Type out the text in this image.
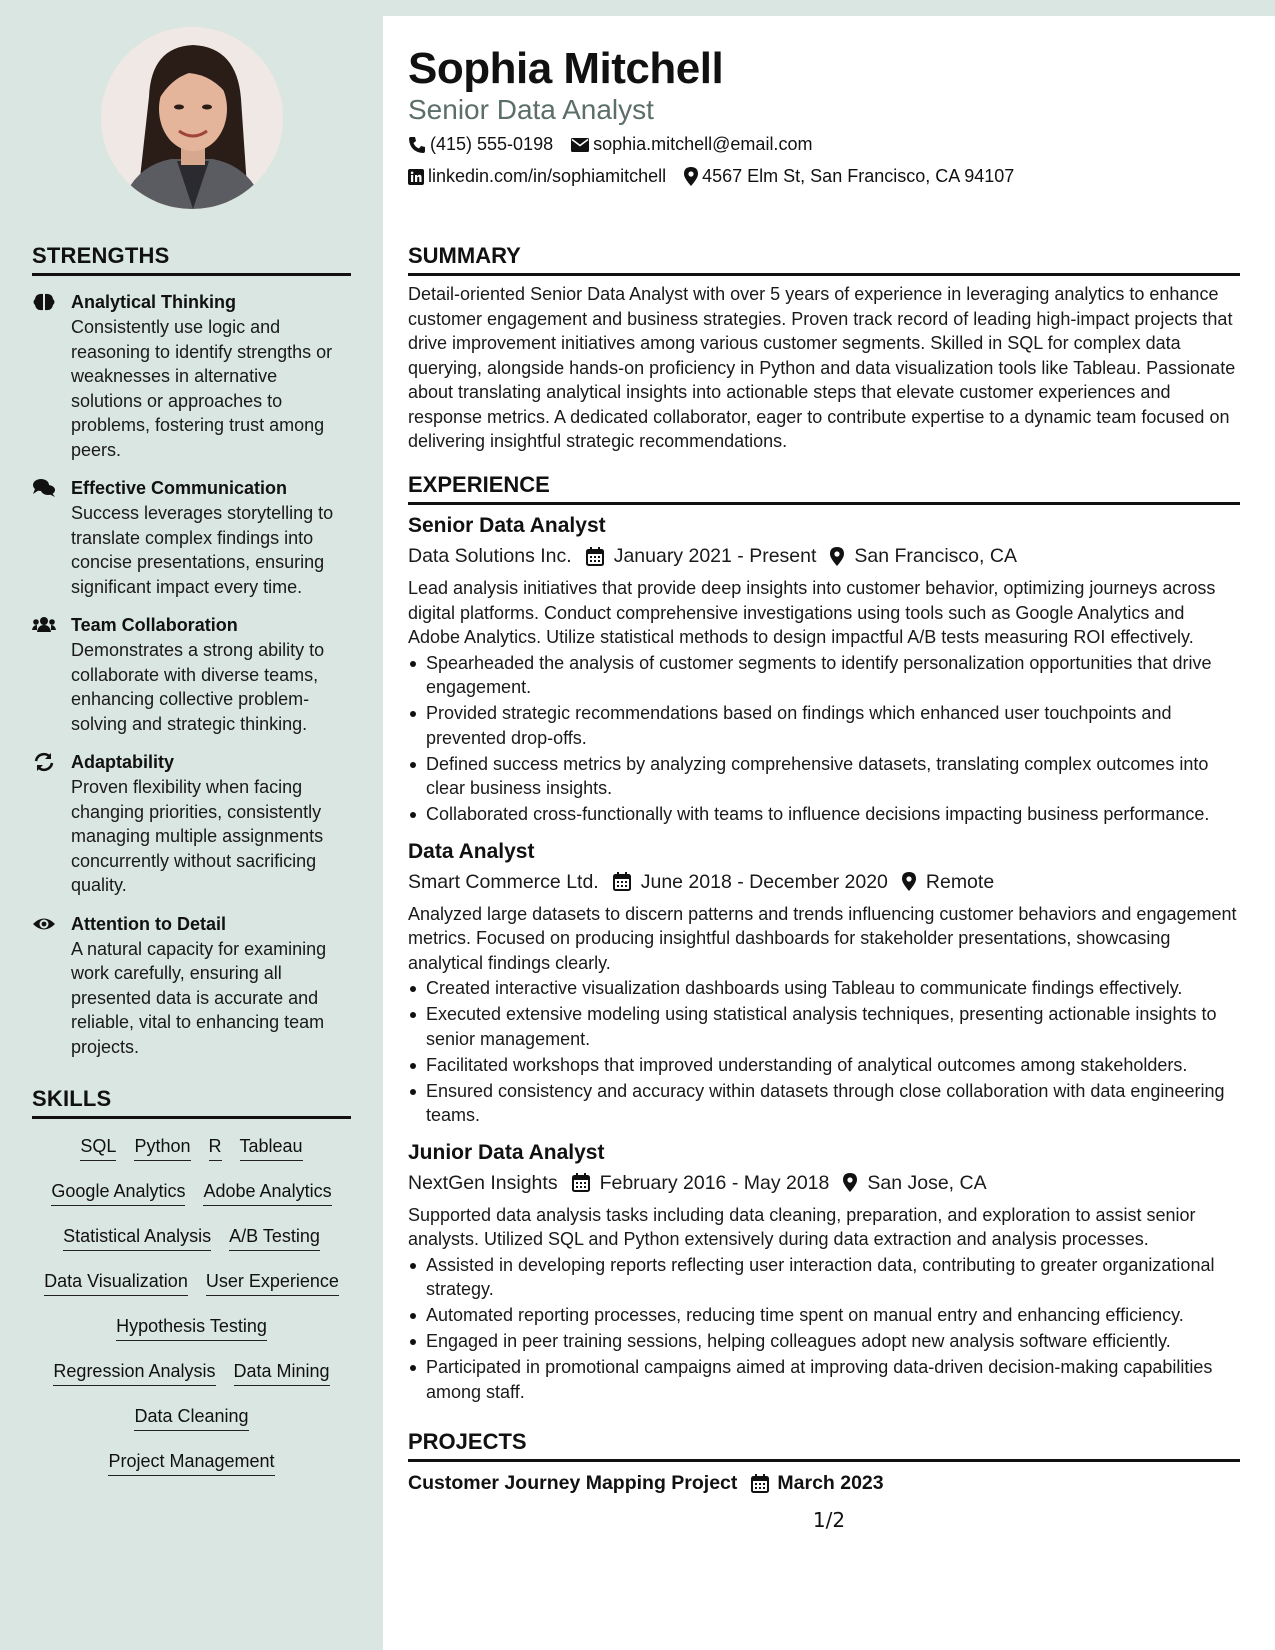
STRENGTHS
Analytical Thinking
Consistently use logic and reasoning to identify strengths or weaknesses in alternative solutions or approaches to problems, fostering trust among peers.
Effective Communication
Success leverages storytelling to translate complex findings into concise presentations, ensuring significant impact every time.
Team Collaboration
Demonstrates a strong ability to collaborate with diverse teams, enhancing collective problem-solving and strategic thinking.
Adaptability
Proven flexibility when facing changing priorities, consistently managing multiple assignments concurrently without sacrificing quality.
Attention to Detail
A natural capacity for examining work carefully, ensuring all presented data is accurate and reliable, vital to enhancing team projects.
SKILLS
SQL Python R Tableau
Google Analytics Adobe Analytics
Statistical Analysis A/B Testing
Data Visualization User Experience
Hypothesis Testing
Regression Analysis Data Mining
Data Cleaning
Project Management
Sophia Mitchell
Senior Data Analyst
(415) 555-0198 sophia.mitchell@email.com
linkedin.com/in/sophiamitchell 4567 Elm St, San Francisco, CA 94107
SUMMARY
Detail-oriented Senior Data Analyst with over 5 years of experience in leveraging analytics to enhance customer engagement and business strategies. Proven track record of leading high-impact projects that drive improvement initiatives among various customer segments. Skilled in SQL for complex data querying, alongside hands-on proficiency in Python and data visualization tools like Tableau. Passionate about translating analytical insights into actionable steps that elevate customer experiences and response metrics. A dedicated collaborator, eager to contribute expertise to a dynamic team focused on delivering insightful strategic recommendations.
EXPERIENCE
Senior Data Analyst
Data Solutions Inc. January 2021 - Present San Francisco, CA
Lead analysis initiatives that provide deep insights into customer behavior, optimizing journeys across digital platforms. Conduct comprehensive investigations using tools such as Google Analytics and Adobe Analytics. Utilize statistical methods to design impactful A/B tests measuring ROI effectively.
Spearheaded the analysis of customer segments to identify personalization opportunities that drive engagement.
Provided strategic recommendations based on findings which enhanced user touchpoints and prevented drop-offs.
Defined success metrics by analyzing comprehensive datasets, translating complex outcomes into clear business insights.
Collaborated cross-functionally with teams to influence decisions impacting business performance.
Data Analyst
Smart Commerce Ltd. June 2018 - December 2020 Remote
Analyzed large datasets to discern patterns and trends influencing customer behaviors and engagement metrics. Focused on producing insightful dashboards for stakeholder presentations, showcasing analytical findings clearly.
Created interactive visualization dashboards using Tableau to communicate findings effectively.
Executed extensive modeling using statistical analysis techniques, presenting actionable insights to senior management.
Facilitated workshops that improved understanding of analytical outcomes among stakeholders.
Ensured consistency and accuracy within datasets through close collaboration with data engineering teams.
Junior Data Analyst
NextGen Insights February 2016 - May 2018 San Jose, CA
Supported data analysis tasks including data cleaning, preparation, and exploration to assist senior analysts. Utilized SQL and Python extensively during data extraction and analysis processes.
Assisted in developing reports reflecting user interaction data, contributing to greater organizational strategy.
Automated reporting processes, reducing time spent on manual entry and enhancing efficiency.
Engaged in peer training sessions, helping colleagues adopt new analysis software efficiently.
Participated in promotional campaigns aimed at improving data-driven decision-making capabilities among staff.
PROJECTS
Customer Journey Mapping Project March 2023
1/2
